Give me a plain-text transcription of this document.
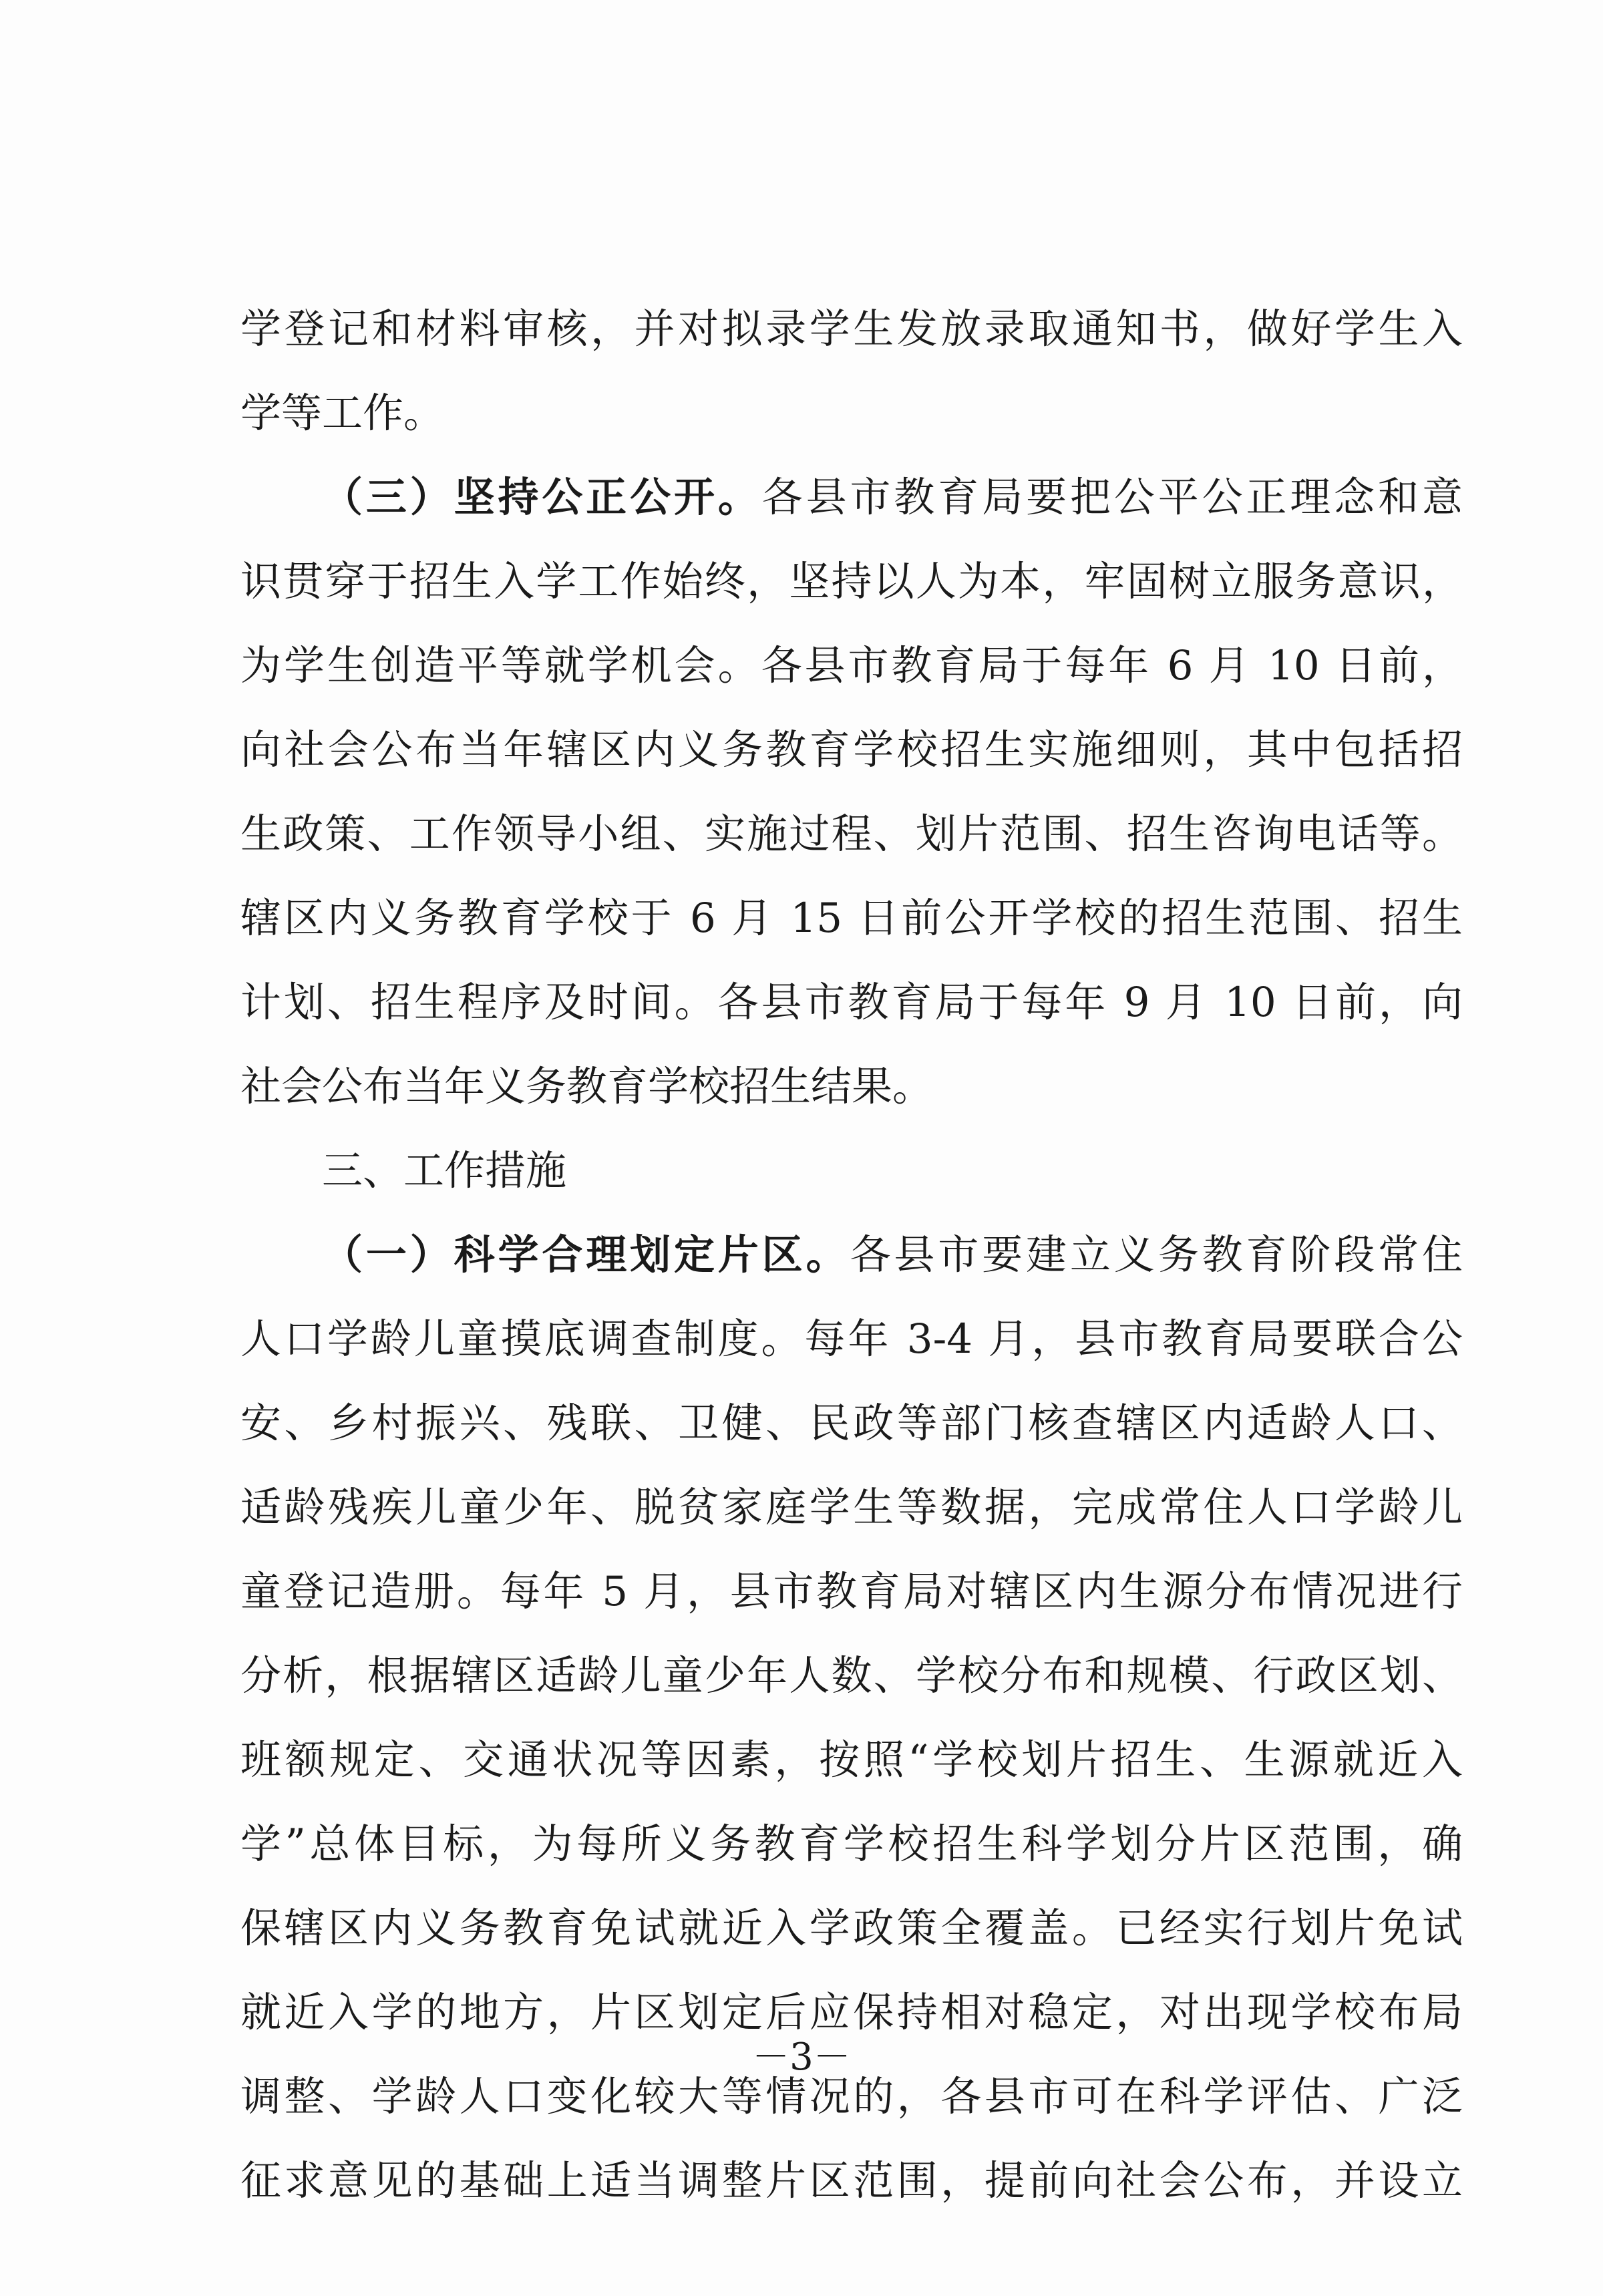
学登记和材料审核，并对拟录学生发放录取通知书，做好学生入

学等工作。

（三）坚持公正公开。各县市教育局要把公平公正理念和意

识贯穿于招生入学工作始终，坚持以人为本，牢固树立服务意识，

为学生创造平等就学机会。各县市教育局于每年 6 月 10 日前，

向社会公布当年辖区内义务教育学校招生实施细则，其中包括招

生政策、工作领导小组、实施过程、划片范围、招生咨询电话等。

辖区内义务教育学校于 6 月 15 日前公开学校的招生范围、招生

计划、招生程序及时间。各县市教育局于每年 9 月 10 日前，向

社会公布当年义务教育学校招生结果。

三、工作措施

（一）科学合理划定片区。各县市要建立义务教育阶段常住

人口学龄儿童摸底调查制度。每年 3-4 月，县市教育局要联合公

安、乡村振兴、残联、卫健、民政等部门核查辖区内适龄人口、

适龄残疾儿童少年、脱贫家庭学生等数据，完成常住人口学龄儿

童登记造册。每年 5 月，县市教育局对辖区内生源分布情况进行

分析，根据辖区适龄儿童少年人数、学校分布和规模、行政区划、

班额规定、交通状况等因素，按照“学校划片招生、生源就近入

学”总体目标，为每所义务教育学校招生科学划分片区范围，确

保辖区内义务教育免试就近入学政策全覆盖。已经实行划片免试

就近入学的地方，片区划定后应保持相对稳定，对出现学校布局

调整、学龄人口变化较大等情况的，各县市可在科学评估、广泛

征求意见的基础上适当调整片区范围，提前向社会公布，并设立

－3－
